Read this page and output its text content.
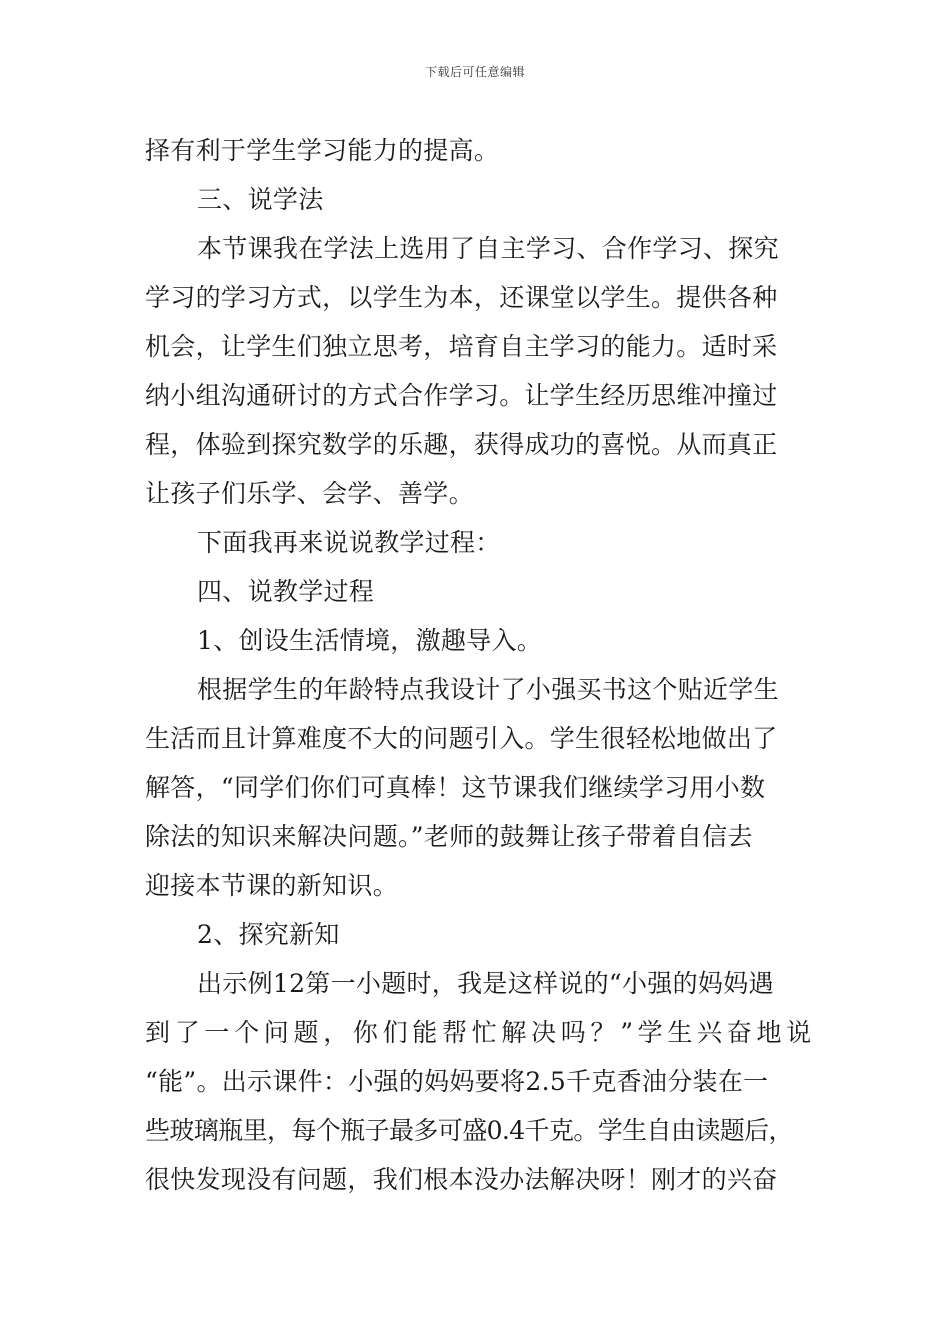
下载后可任意编辑
择有利于学生学习能力的提高。
三、说学法
本节课我在学法上选用了自主学习、合作学习、探究
学习的学习方式，以学生为本，还课堂以学生。提供各种
机会，让学生们独立思考，培育自主学习的能力。适时采
纳小组沟通研讨的方式合作学习。让学生经历思维冲撞过
程，体验到探究数学的乐趣，获得成功的喜悦。从而真正
让孩子们乐学、会学、善学。
下面我再来说说教学过程：
四、说教学过程
1、创设生活情境，激趣导入。
根据学生的年龄特点我设计了小强买书这个贴近学生
生活而且计算难度不大的问题引入。学生很轻松地做出了
解答，“同学们你们可真棒！这节课我们继续学习用小数
除法的知识来解决问题。”老师的鼓舞让孩子带着自信去
迎接本节课的新知识。
2、探究新知
出示例12第一小题时，我是这样说的“小强的妈妈遇
到了一个问题，你们能帮忙解决吗？”学生兴奋地说
“能”。出示课件：小强的妈妈要将2.5千克香油分装在一
些玻璃瓶里，每个瓶子最多可盛0.4千克。学生自由读题后，
很快发现没有问题，我们根本没办法解决呀！刚才的兴奋
